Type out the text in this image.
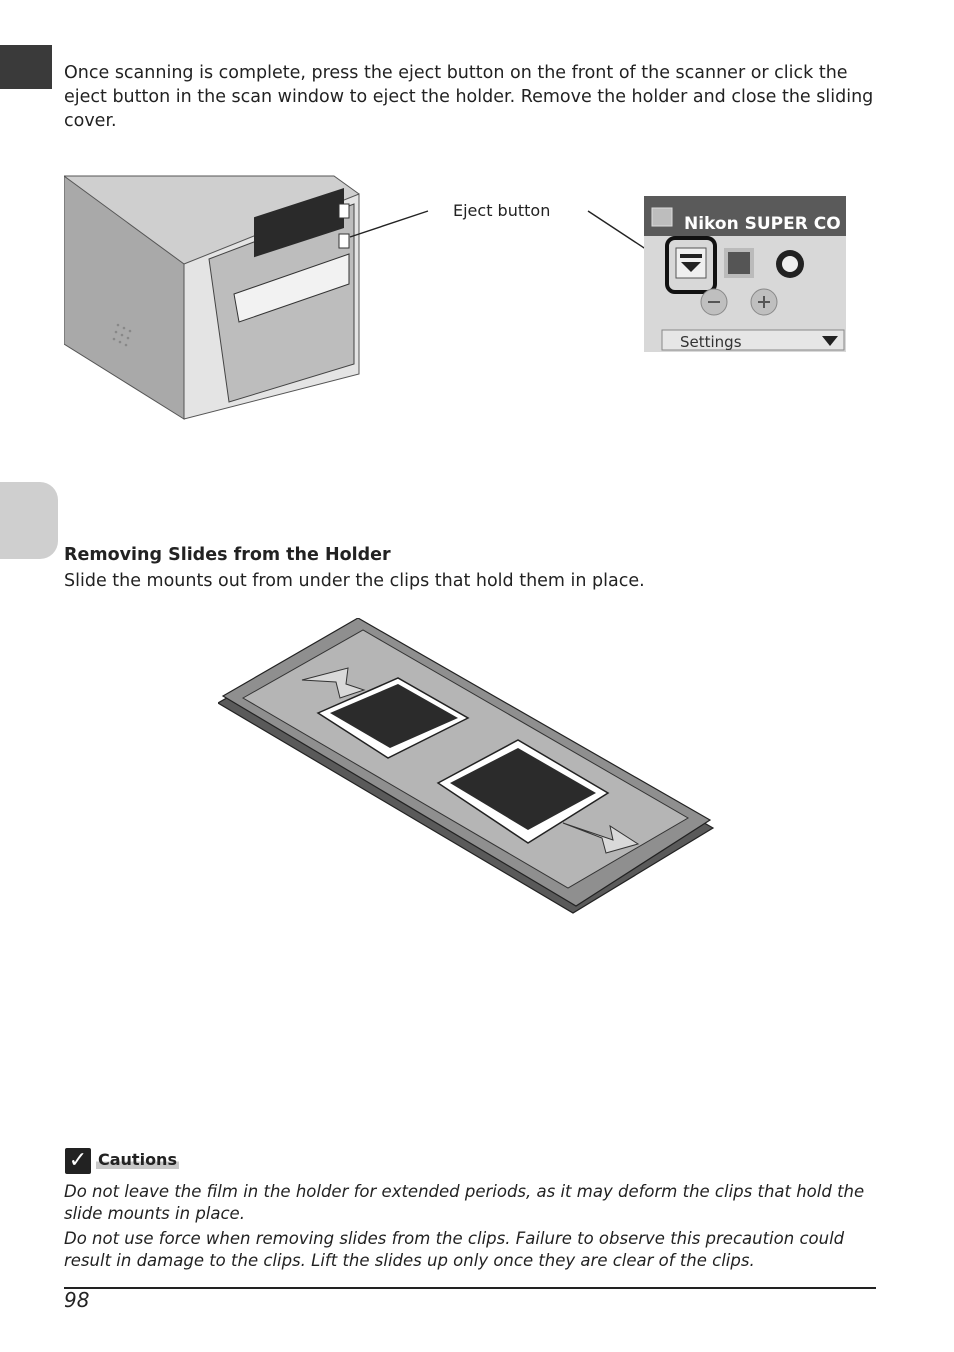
Once scanning is complete, press the eject button on the front of the scanner or click the eject button in the scan window to eject the holder. Remove the holder and close the sliding cover.
Eject button
Nikon SUPER CO
Settings
Removing Slides from the Holder
Slide the mounts out from under the clips that hold them in place.
✓ Cautions
Do not leave the film in the holder for extended periods, as it may deform the clips that hold the slide mounts in place.
Do not use force when removing slides from the clips. Failure to observe this precaution could result in damage to the clips. Lift the slides up only once they are clear of the clips.
98
